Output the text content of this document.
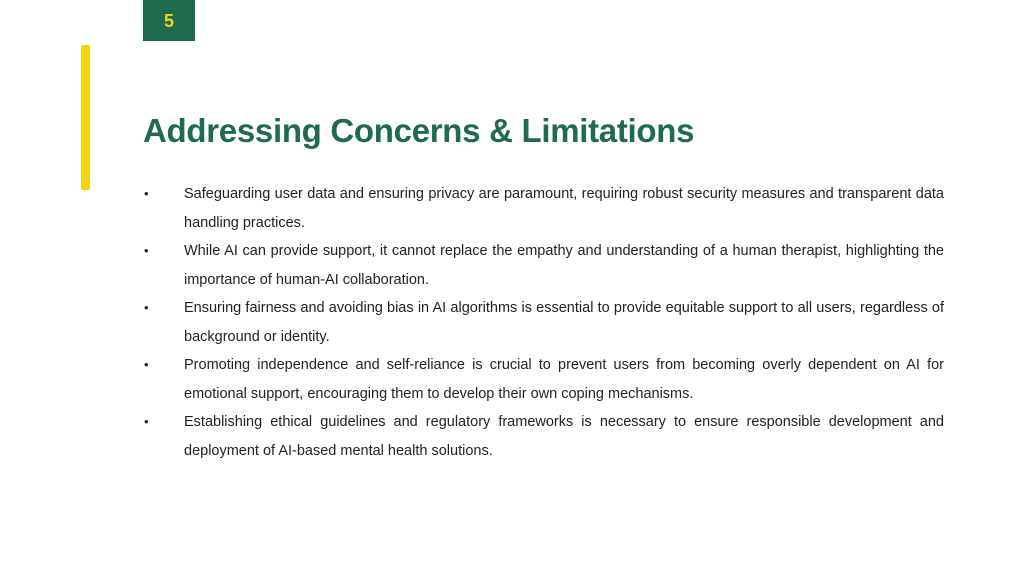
5
Addressing Concerns & Limitations
• Safeguarding user data and ensuring privacy are paramount, requiring robust security measures and transparent data handling practices.
• While AI can provide support, it cannot replace the empathy and understanding of a human therapist, highlighting the importance of human-AI collaboration.
• Ensuring fairness and avoiding bias in AI algorithms is essential to provide equitable support to all users, regardless of background or identity.
• Promoting independence and self-reliance is crucial to prevent users from becoming overly dependent on AI for emotional support, encouraging them to develop their own coping mechanisms.
• Establishing ethical guidelines and regulatory frameworks is necessary to ensure responsible development and deployment of AI-based mental health solutions.
